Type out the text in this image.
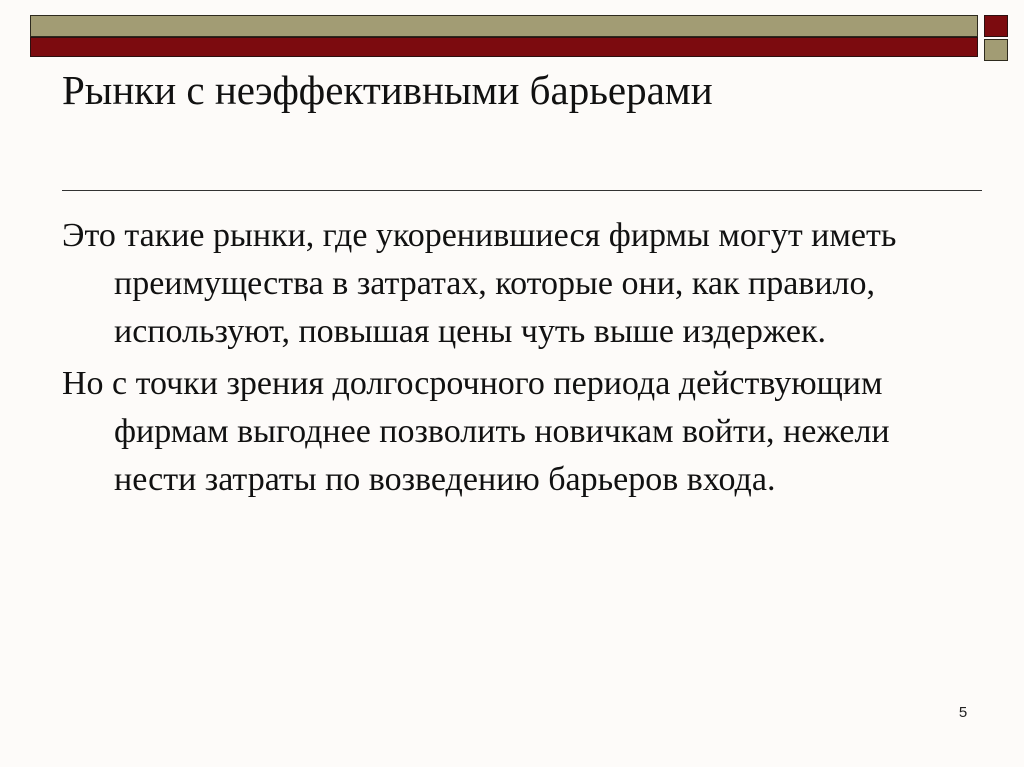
Рынки с неэффективными барьерами

Это такие рынки, где укоренившиеся фирмы могут иметь преимущества в затратах, которые они, как правило, используют, повышая цены чуть выше издержек.

Но с точки зрения долгосрочного периода действующим фирмам выгоднее позволить новичкам войти, нежели нести затраты по возведению барьеров входа.

5
